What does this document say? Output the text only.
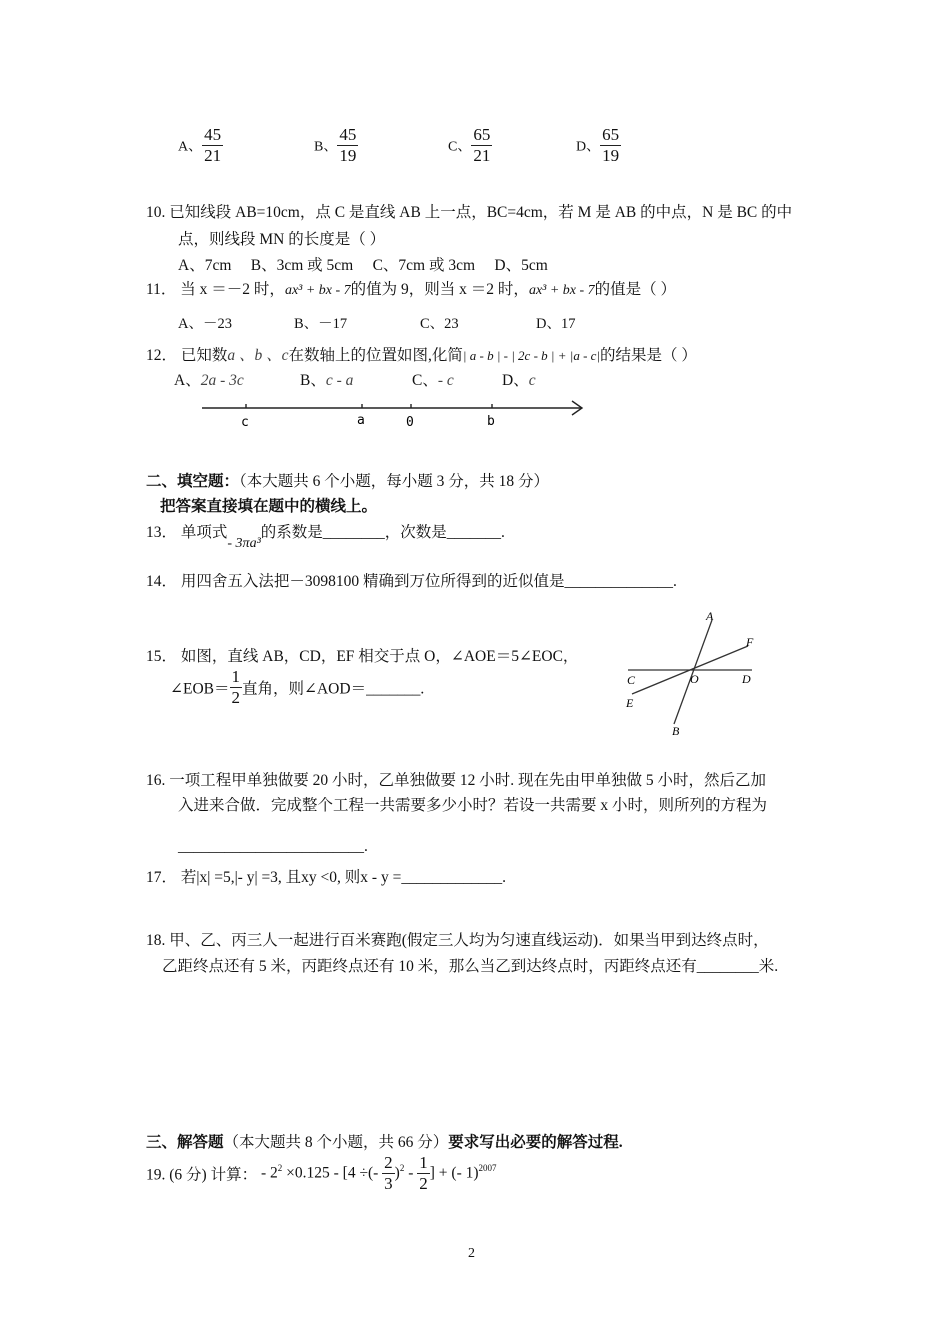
A、 $\frac{45}{21}$	B、 $\frac{45}{19}$	C、 $\frac{65}{21}$	D、 $\frac{65}{19}$
10. 已知线段 AB=10cm，点 C 是直线 AB 上一点，BC=4cm，若 M 是 AB 的中点，N 是 BC 的中
点，则线段 MN 的长度是（ ）
A、7cm     B、3cm 或 5cm     C、7cm 或 3cm     D、5cm
11． 当 x ＝－2 时，ax³ + bx - 7的值为 9，则当 x ＝2 时，ax³ + bx - 7的值是（ ）
A、－23	B、－17	C、23	D、17
12． 已知数a 、b 、c在数轴上的位置如图,化简| a - b | - | 2c - b | + |a - c|的结果是（ ）
A、2a - 3c	B、c - a	C、- c	D、c
c	a	0	b
二、填空题：（本大题共 6 个小题，每小题 3 分，共 18 分）
把答案直接填在题中的横线上。
13． 单项式- 3πa³的系数是________，次数是_______.
14． 用四舍五入法把－3098100 精确到万位所得到的近似值是______________.
15． 如图，直线 AB，CD，EF 相交于点 O，∠AOE＝5∠EOC，
∠EOB＝ $\frac{1}{2}$ 直角，则∠AOD＝_______.
A
F
C	O	D
E
B
16. 一项工程甲单独做要 20 小时，乙单独做要 12 小时. 现在先由甲单独做 5 小时，然后乙加
入进来合做．完成整个工程一共需要多少小时？若设一共需要 x 小时，则所列的方程为
________________________.
17． 若|x| =5,|- y| =3, 且xy <0, 则x - y =_____________.
18. 甲、乙、丙三人一起进行百米赛跑(假定三人均为匀速直线运动)．如果当甲到达终点时，
乙距终点还有 5 米，丙距终点还有 10 米，那么当乙到达终点时，丙距终点还有________米.
三、解答题（本大题共 8 个小题，共 66 分）要求写出必要的解答过程.
19. (6 分) 计算： - $2^2 \times 0.125 - [4$ ÷(- $\frac{2}{3} )^2 - \frac{1}{2}$ ] + (- 1)$^{2007}$
2
